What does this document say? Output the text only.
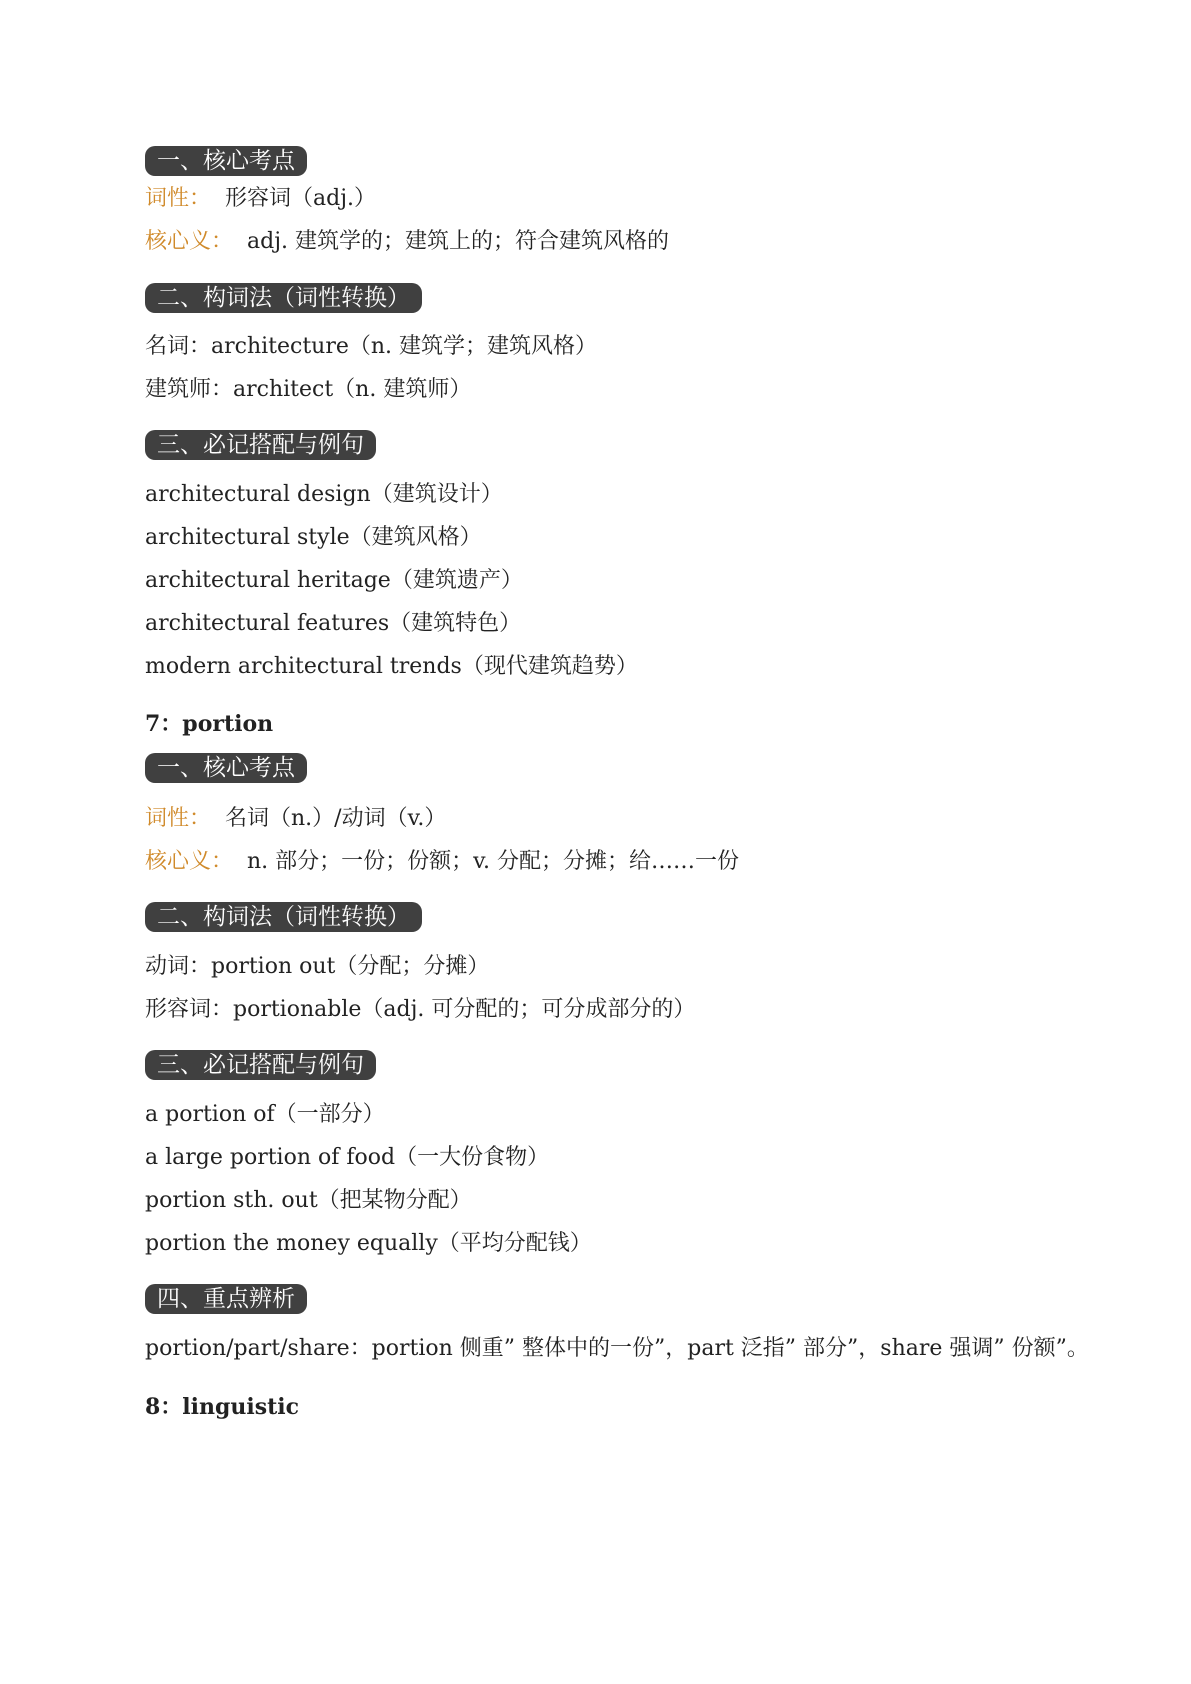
一、核心考点
词性： 形容词（adj.）
核心义： adj. 建筑学的；建筑上的；符合建筑风格的
二、构词法（词性转换）
名词：architecture（n. 建筑学；建筑风格）
建筑师：architect（n. 建筑师）
三、必记搭配与例句
architectural design（建筑设计）
architectural style（建筑风格）
architectural heritage（建筑遗产）
architectural features（建筑特色）
modern architectural trends（现代建筑趋势）
7：portion
一、核心考点
词性： 名词（n.）/动词（v.）
核心义： n. 部分；一份；份额；v. 分配；分摊；给……一份
二、构词法（词性转换）
动词：portion out（分配；分摊）
形容词：portionable（adj. 可分配的；可分成部分的）
三、必记搭配与例句
a portion of（一部分）
a large portion of food（一大份食物）
portion sth. out（把某物分配）
portion the money equally（平均分配钱）
四、重点辨析
portion/part/share：portion 侧重” 整体中的一份”，part 泛指” 部分”，share 强调” 份额”。
8：linguistic
